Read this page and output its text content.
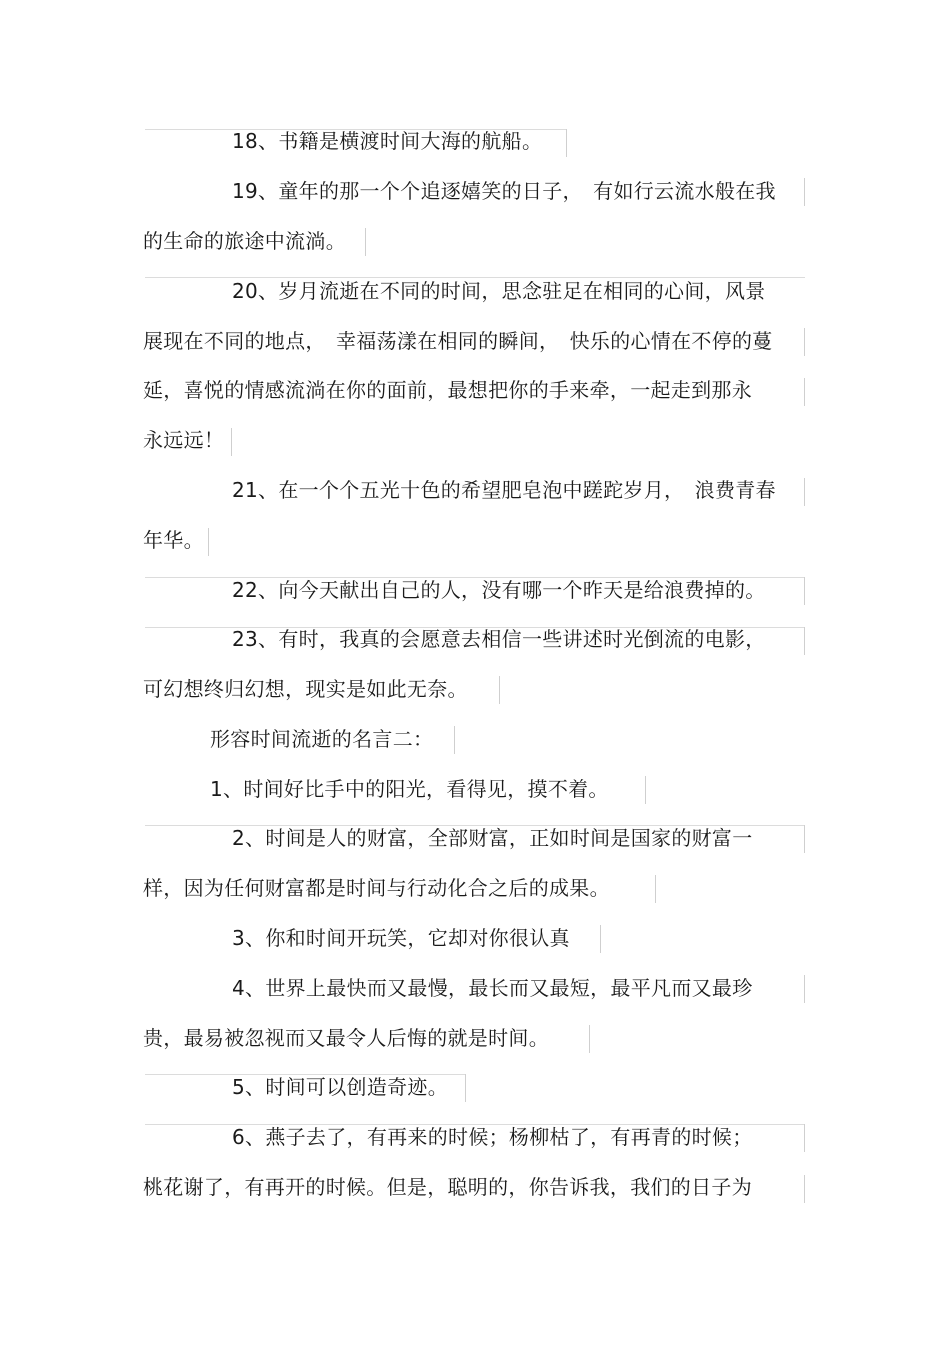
18、书籍是横渡时间大海的航船。
19、童年的那一个个追逐嬉笑的日子，　有如行云流水般在我
的生命的旅途中流淌。
20、岁月流逝在不同的时间，思念驻足在相同的心间，风景
展现在不同的地点，　幸福荡漾在相同的瞬间，　快乐的心情在不停的蔓
延，喜悦的情感流淌在你的面前，最想把你的手来牵，一起走到那永
永远远！
21、在一个个五光十色的希望肥皂泡中蹉跎岁月，　浪费青春
年华。
22、向今天献出自己的人，没有哪一个昨天是给浪费掉的。
23、有时，我真的会愿意去相信一些讲述时光倒流的电影，
可幻想终归幻想，现实是如此无奈。
形容时间流逝的名言二：
1、时间好比手中的阳光，看得见，摸不着。
2、时间是人的财富，全部财富，正如时间是国家的财富一
样，因为任何财富都是时间与行动化合之后的成果。
3、你和时间开玩笑，它却对你很认真
4、世界上最快而又最慢，最长而又最短，最平凡而又最珍
贵，最易被忽视而又最令人后悔的就是时间。
5、时间可以创造奇迹。
6、燕子去了，有再来的时候；杨柳枯了，有再青的时候；
桃花谢了，有再开的时候。但是，聪明的，你告诉我，我们的日子为
